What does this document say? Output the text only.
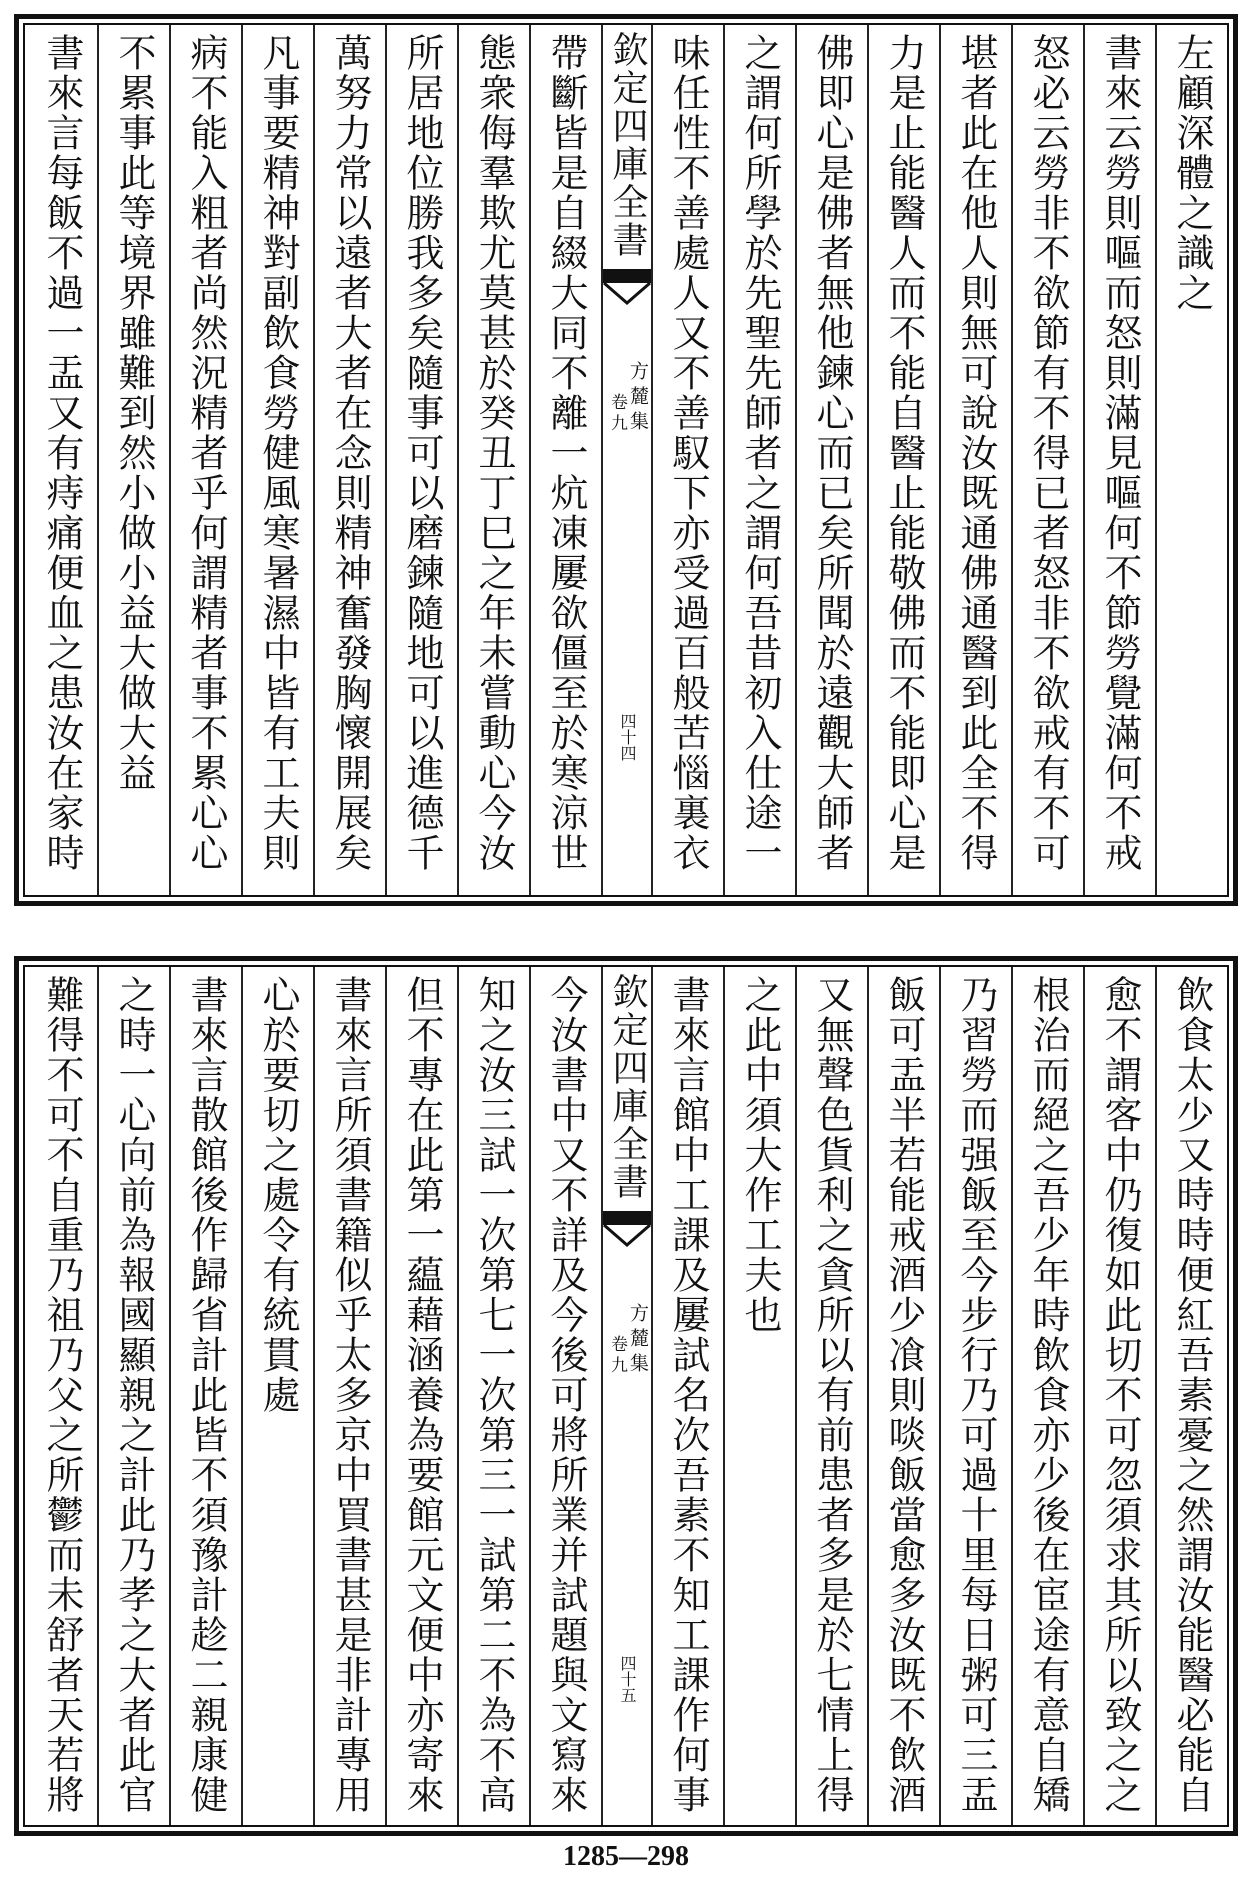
左顧深體之識之
書來云勞則嘔而怒則滿見嘔何不節勞覺滿何不戒
怒必云勞非不欲節有不得已者怒非不欲戒有不可
堪者此在他人則無可說汝既通佛通醫到此全不得
力是止能醫人而不能自醫止能敬佛而不能即心是
佛即心是佛者無他鍊心而已矣所聞於遠觀大師者
之謂何所學於先聖先師者之謂何吾昔初入仕途一
味任性不善處人又不善馭下亦受過百般苦惱裏衣
欽定四庫全書
方麓集
卷九
四十四
帶斷皆是自綴大同不離一炕凍屢欲僵至於寒涼世
態衆侮羣欺尤莫甚於癸丑丁巳之年未嘗動心今汝
所居地位勝我多矣隨事可以磨鍊隨地可以進德千
萬努力常以遠者大者在念則精神奮發胸懷開展矣
凡事要精神對副飲食勞健風寒暑濕中皆有工夫則
病不能入粗者尚然況精者乎何謂精者事不累心心
不累事此等境界雖難到然小做小益大做大益
書來言每飯不過一盂又有痔痛便血之患汝在家時
飲食太少又時時便紅吾素憂之然謂汝能醫必能自
愈不謂客中仍復如此切不可忽須求其所以致之之
根治而絕之吾少年時飲食亦少後在宦途有意自矯
乃習勞而强飯至今步行乃可過十里每日粥可三盂
飯可盂半若能戒酒少飡則啖飯當愈多汝既不飲酒
又無聲色貨利之貪所以有前患者多是於七情上得
之此中須大作工夫也
書來言館中工課及屢試名次吾素不知工課作何事
欽定四庫全書
方麓集
卷九
四十五
今汝書中又不詳及今後可將所業并試題與文寫來
知之汝三試一次第七一次第三一試第二不為不高
但不專在此第一藴藉涵養為要館元文便中亦寄來
書來言所須書籍似乎太多京中買書甚是非計專用
心於要切之處令有統貫處
書來言散館後作歸省計此皆不須豫計趁二親康健
之時一心向前為報國顯親之計此乃孝之大者此官
難得不可不自重乃祖乃父之所鬱而未舒者天若將
1285—298
